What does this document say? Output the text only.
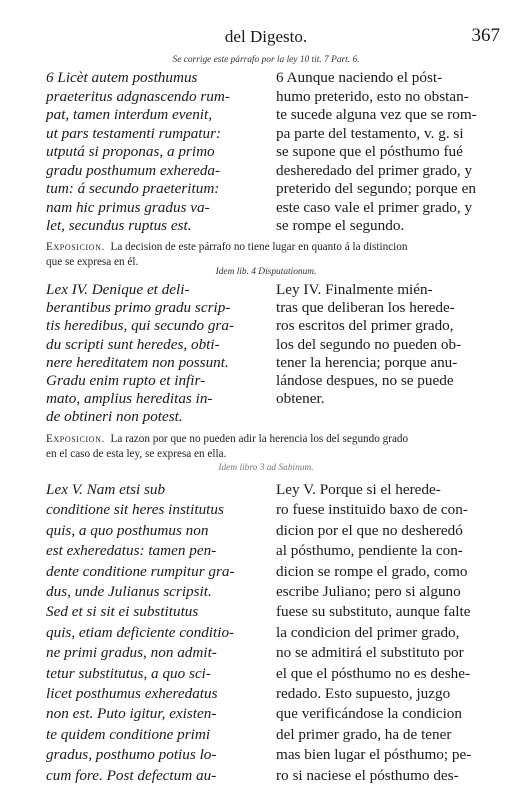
del Digesto.	367
Se corrige este párrafo por la ley 10 tit. 7 Part. 6.
6 Licèt autem posthumus
praeteritus adgnascendo rum-
pat, tamen interdum evenit,
ut pars testamenti rumpatur:
utputá si proponas, a primo
gradu posthumum exhereda-
tum: á secundo praeteritum:
nam hic primus gradus va-
let, secundus ruptus est.
6 Aunque naciendo el póst-
humo preterido, esto no obstan-
te sucede alguna vez que se rom-
pa parte del testamento, v. g. si
se supone que el pósthumo fué
desheredado del primer grado, y
preterido del segundo; porque en
este caso vale el primer grado, y
se rompe el segundo.
Exposicion. La decision de este párrafo no tiene lugar en quanto á la distincion
que se expresa en él.
Idem lib. 4 Disputationum.
Lex IV. Denique et deli-
berantibus primo gradu scrip-
tis heredibus, qui secundo gra-
du scripti sunt heredes, obti-
nere hereditatem non possunt.
Gradu enim rupto et infir-
mato, amplius hereditas in-
de obtineri non potest.
Ley IV. Finalmente mién-
tras que deliberan los herede-
ros escritos del primer grado,
los del segundo no pueden ob-
tener la herencia; porque anu-
lándose despues, no se puede
obtener.
Exposicion. La razon por que no pueden adir la herencia los del segundo grado
en el caso de esta ley, se expresa en ella.
Idem libro 3 ad Sabinum.
Lex V. Nam etsi sub
conditione sit heres institutus
quis, a quo posthumus non
est exheredatus: tamen pen-
dente conditione rumpitur gra-
dus, unde Julianus scripsit.
Sed et si sit ei substitutus
quis, etiam deficiente conditio-
ne primi gradus, non admit-
tetur substitutus, a quo sci-
licet posthumus exheredatus
non est. Puto igitur, existen-
te quidem conditione primi
gradus, posthumo potius lo-
cum fore. Post defectum au-
Ley V. Porque si el herede-
ro fuese instituido baxo de con-
dicion por el que no desheredó
al pósthumo, pendiente la con-
dicion se rompe el grado, como
escribe Juliano; pero si alguno
fuese su substituto, aunque falte
la condicion del primer grado,
no se admitirá el substituto por
el que el pósthumo no es deshe-
redado. Esto supuesto, juzgo
que verificándose la condicion
del primer grado, ha de tener
mas bien lugar el pósthumo; pe-
ro si naciese el pósthumo des-
